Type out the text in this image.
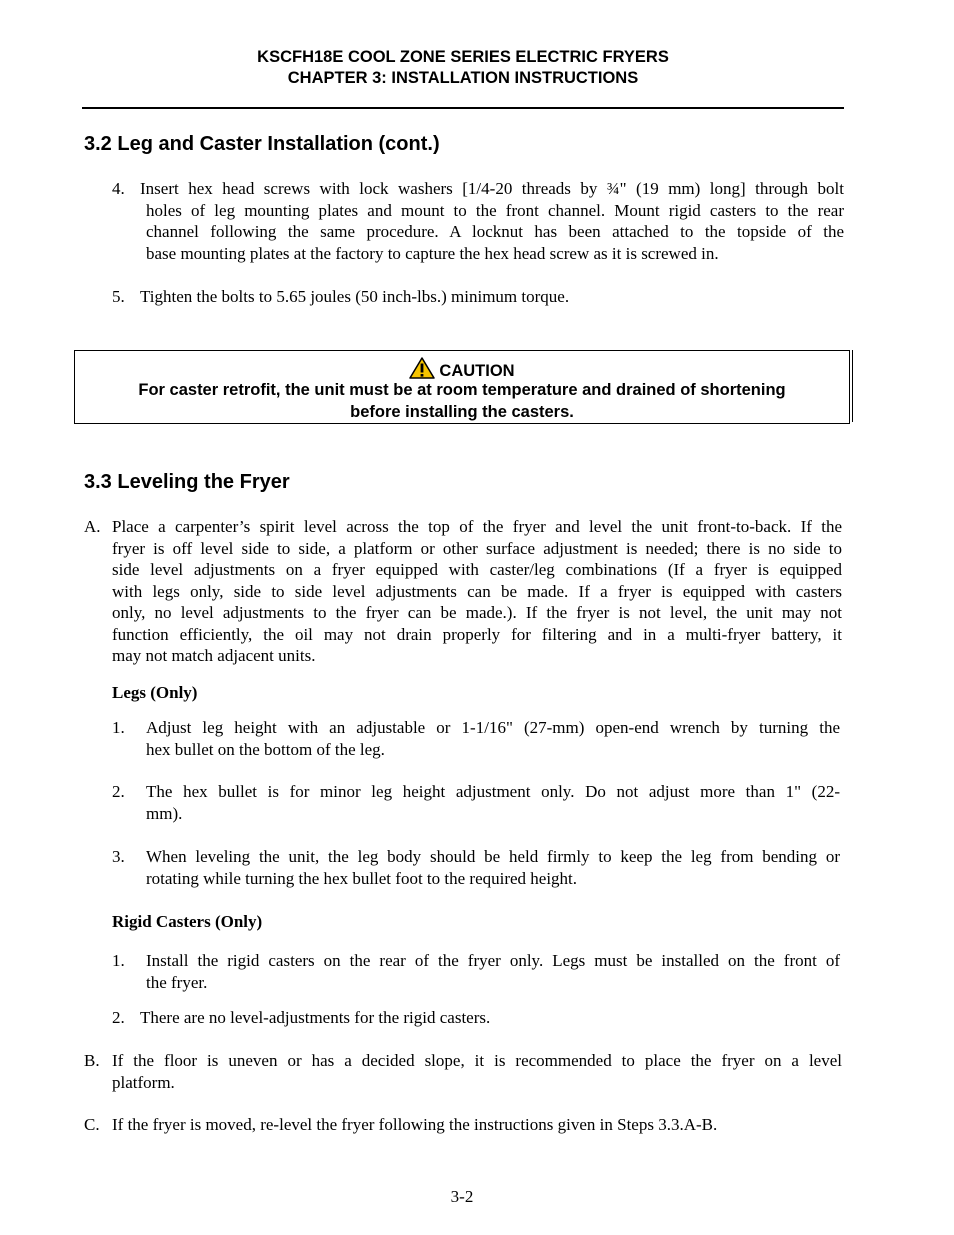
KSCFH18E COOL ZONE SERIES ELECTRIC FRYERS
CHAPTER 3: INSTALLATION INSTRUCTIONS
3.2 Leg and Caster Installation (cont.)
4. Insert hex head screws with lock washers [1/4-20 threads by ¾" (19 mm) long] through bolt
holes of leg mounting plates and mount to the front channel. Mount rigid casters to the rear
channel following the same procedure. A locknut has been attached to the topside of the
base mounting plates at the factory to capture the hex head screw as it is screwed in.
5. Tighten the bolts to 5.65 joules (50 inch-lbs.) minimum torque.
CAUTION
For caster retrofit, the unit must be at room temperature and drained of shortening
before installing the casters.
3.3 Leveling the Fryer
A. Place a carpenter’s spirit level across the top of the fryer and level the unit front-to-back. If the
fryer is off level side to side, a platform or other surface adjustment is needed; there is no side to
side level adjustments on a fryer equipped with caster/leg combinations (If a fryer is equipped
with legs only, side to side level adjustments can be made. If a fryer is equipped with casters
only, no level adjustments to the fryer can be made.). If the fryer is not level, the unit may not
function efficiently, the oil may not drain properly for filtering and in a multi-fryer battery, it
may not match adjacent units.
Legs (Only)
1. Adjust leg height with an adjustable or 1-1/16" (27-mm) open-end wrench by turning the
hex bullet on the bottom of the leg.
2. The hex bullet is for minor leg height adjustment only. Do not adjust more than 1" (22-
mm).
3. When leveling the unit, the leg body should be held firmly to keep the leg from bending or
rotating while turning the hex bullet foot to the required height.
Rigid Casters (Only)
1. Install the rigid casters on the rear of the fryer only. Legs must be installed on the front of
the fryer.
2. There are no level-adjustments for the rigid casters.
B. If the floor is uneven or has a decided slope, it is recommended to place the fryer on a level
platform.
C. If the fryer is moved, re-level the fryer following the instructions given in Steps 3.3.A-B.
3-2
